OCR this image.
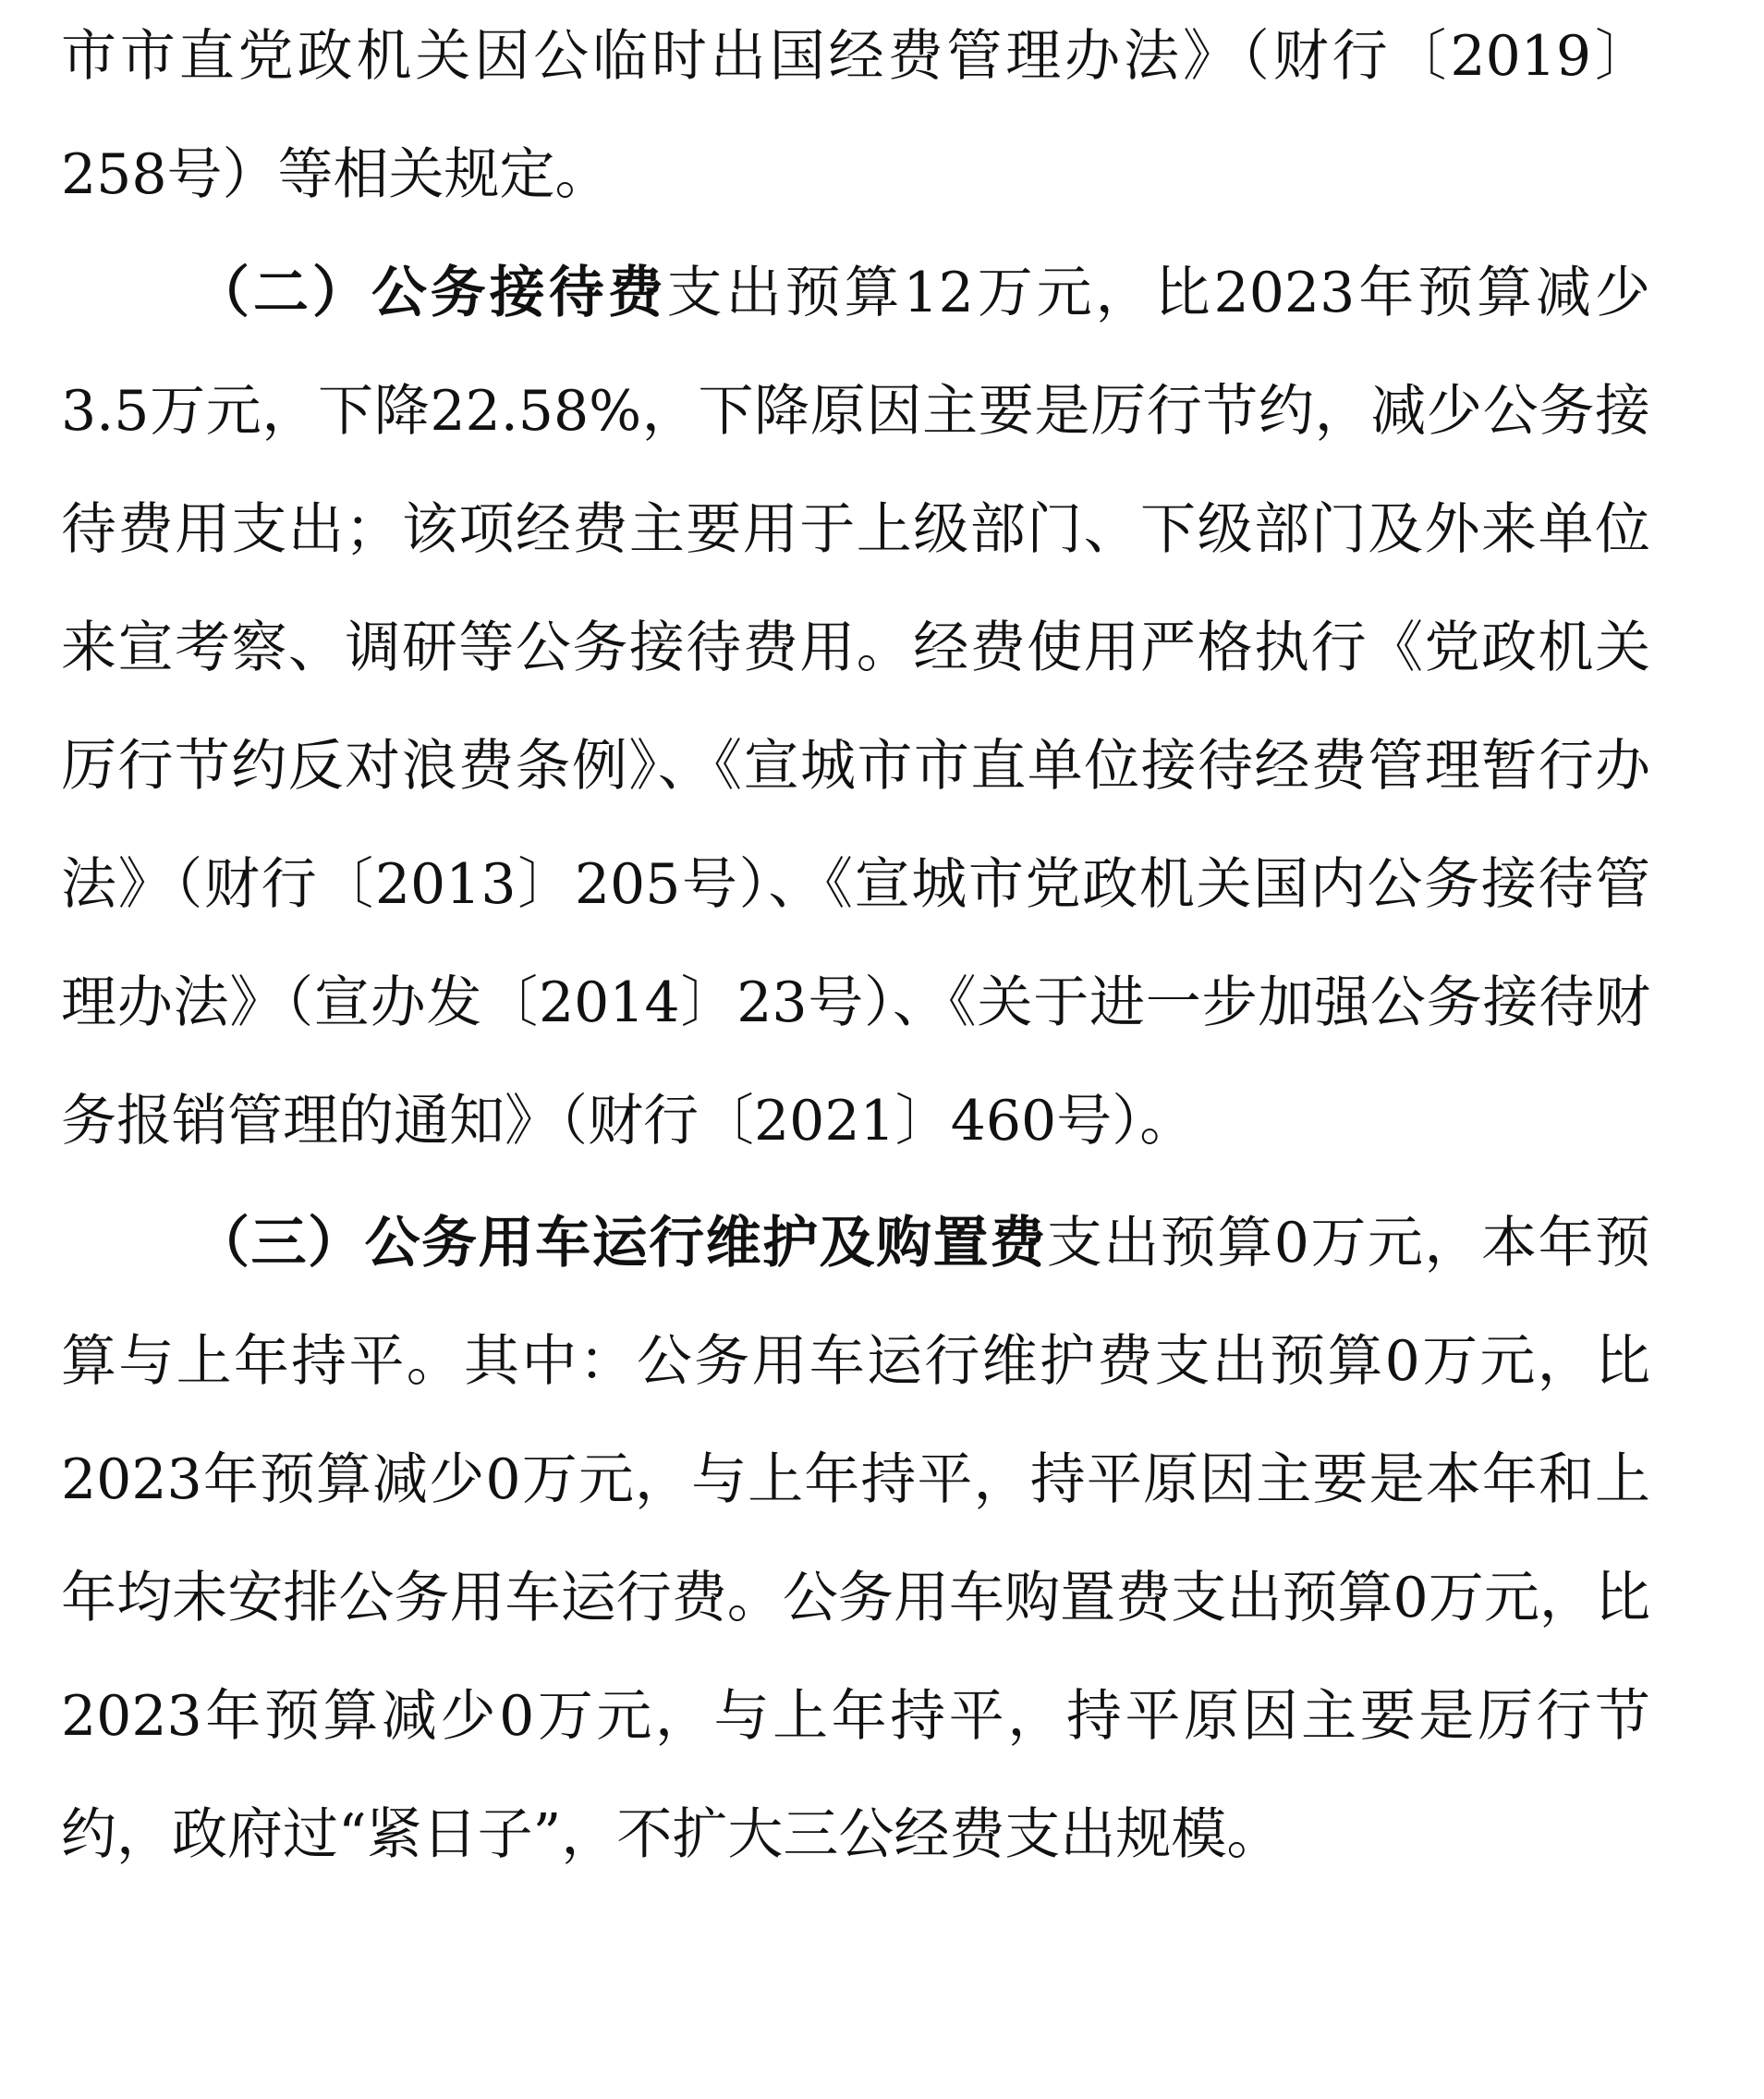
市市直党政机关因公临时出国经费管理办法》（财行〔2019〕258号）等相关规定。

（二）公务接待费支出预算12万元，比2023年预算减少3.5万元，下降22.58%，下降原因主要是厉行节约，减少公务接待费用支出；该项经费主要用于上级部门、下级部门及外来单位来宣考察、调研等公务接待费用。经费使用严格执行《党政机关厉行节约反对浪费条例》、《宣城市市直单位接待经费管理暂行办法》（财行〔2013〕205号）、《宣城市党政机关国内公务接待管理办法》（宣办发〔2014〕23号）、《关于进一步加强公务接待财务报销管理的通知》（财行〔2021〕460号）。

（三）公务用车运行维护及购置费支出预算0万元，本年预算与上年持平。其中：公务用车运行维护费支出预算0万元，比2023年预算减少0万元，与上年持平，持平原因主要是本年和上年均未安排公务用车运行费。公务用车购置费支出预算0万元，比2023年预算减少0万元，与上年持平，持平原因主要是厉行节约，政府过“紧日子”，不扩大三公经费支出规模。
